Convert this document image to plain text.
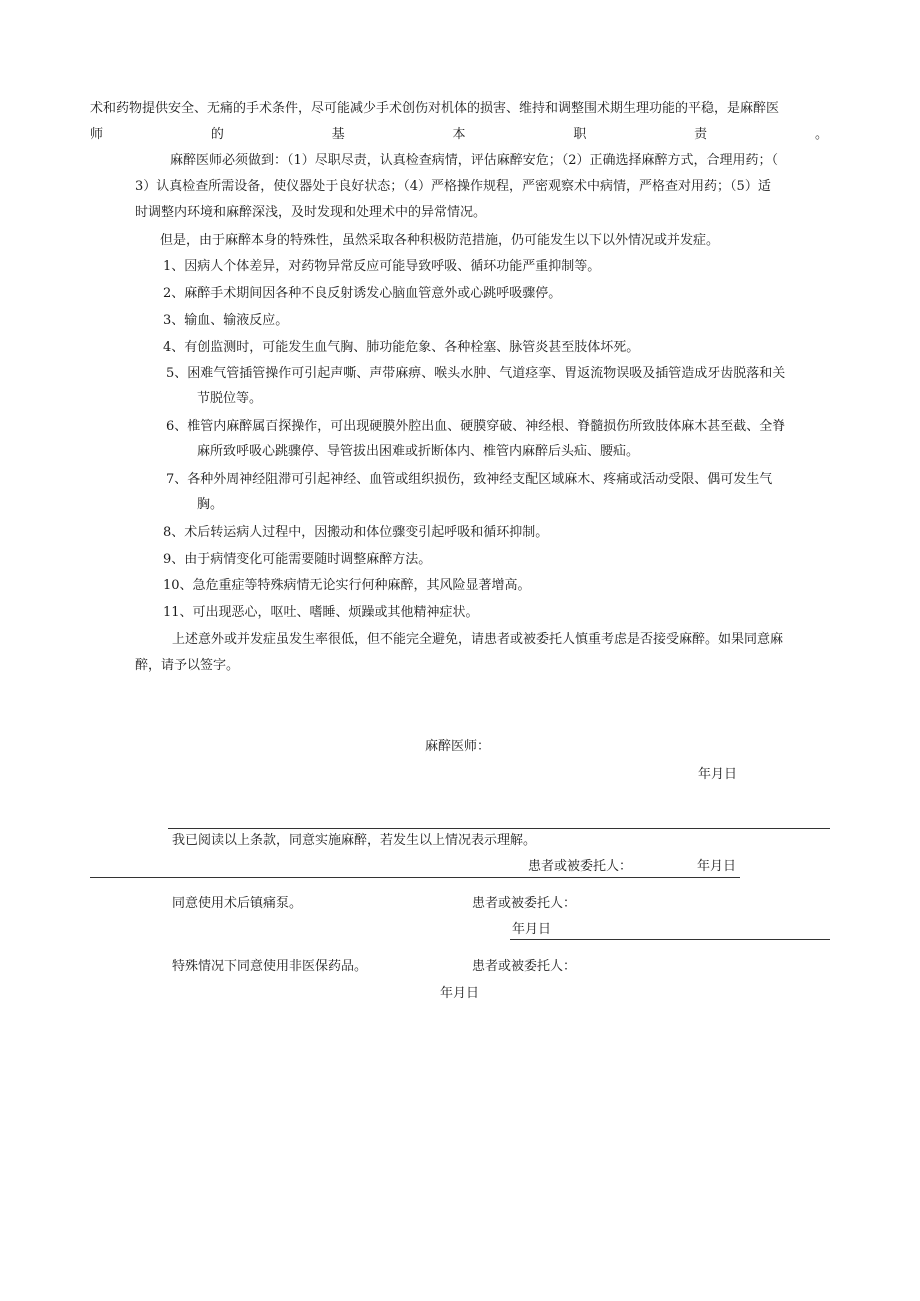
术和药物提供安全、无痛的手术条件，尽可能减少手术创伤对机体的损害、维持和调整围术期生理功能的平稳，是麻醉医
师	的	基	本	职	责	。
麻醉医师必须做到：（1）尽职尽责，认真检查病情，评估麻醉安危；（2）正确选择麻醉方式，合理用药；（
3）认真检查所需设备，使仪器处于良好状态；（4）严格操作规程，严密观察术中病情，严格查对用药；（5）适
时调整内环境和麻醉深浅，及时发现和处理术中的异常情况。
但是，由于麻醉本身的特殊性，虽然采取各种积极防范措施，仍可能发生以下以外情况或并发症。
1、因病人个体差异，对药物异常反应可能导致呼吸、循环功能严重抑制等。
2、麻醉手术期间因各种不良反射诱发心脑血管意外或心跳呼吸骤停。
3、输血、输液反应。
4、有创监测时，可能发生血气胸、肺功能危象、各种栓塞、脉管炎甚至肢体坏死。
5、困难气管插管操作可引起声嘶、声带麻痹、喉头水肿、气道痉挛、胃返流物误吸及插管造成牙齿脱落和关
节脱位等。
6、椎管内麻醉属百探操作，可出现硬膜外腔出血、硬膜穿破、神经根、脊髓损伤所致肢体麻木甚至截、全脊
麻所致呼吸心跳骤停、导管拔出困难或折断体内、椎管内麻醉后头疝、腰疝。
7、各种外周神经阻滞可引起神经、血管或组织损伤，致神经支配区域麻木、疼痛或活动受限、偶可发生气
胸。
8、术后转运病人过程中，因搬动和体位骤变引起呼吸和循环抑制。
9、由于病情变化可能需要随时调整麻醉方法。
10、急危重症等特殊病情无论实行何种麻醉，其风险显著增高。
11、可出现恶心，呕吐、嗜睡、烦躁或其他精神症状。
上述意外或并发症虽发生率很低，但不能完全避免，请患者或被委托人慎重考虑是否接受麻醉。如果同意麻
醉，请予以签字。
麻醉医师：
年月日
我已阅读以上条款，同意实施麻醉，若发生以上情况表示理解。
患者或被委托人：	年月日
同意使用术后镇痛泵。	患者或被委托人：
年月日
特殊情况下同意使用非医保药品。	患者或被委托人：
年月日
